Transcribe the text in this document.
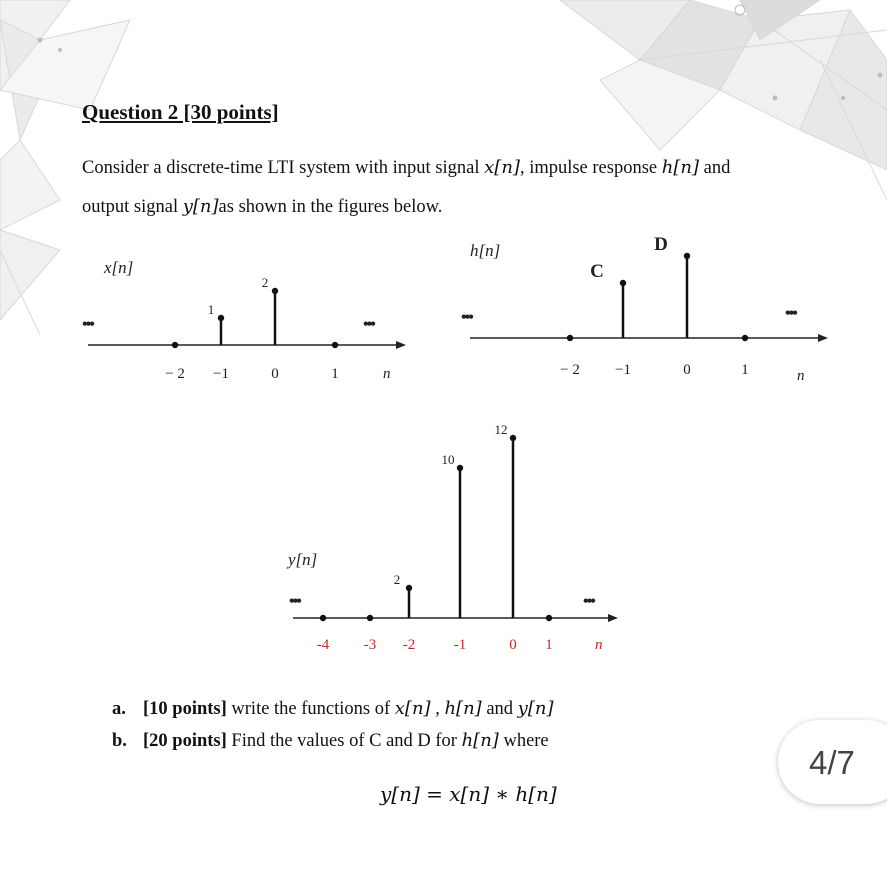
Question 2 [30 points]

Consider a discrete-time LTI system with input signal x[n], impulse response h[n] and

output signal y[n]as shown in the figures below.

x[n]
n
•••	•••
− 2 −1
1
0
2
1
h[n]
n
•••	•••
− 2 −1
C
0
D
1
y[n]
n
•••	•••
-4 -3 -2
2
-1
10
0
12
1
a. [10 points] write the functions of x[n] , h[n] and y[n]
b. [20 points] Find the values of C and D for h[n] where
y[n] = x[n] ∗ h[n]
4/7
